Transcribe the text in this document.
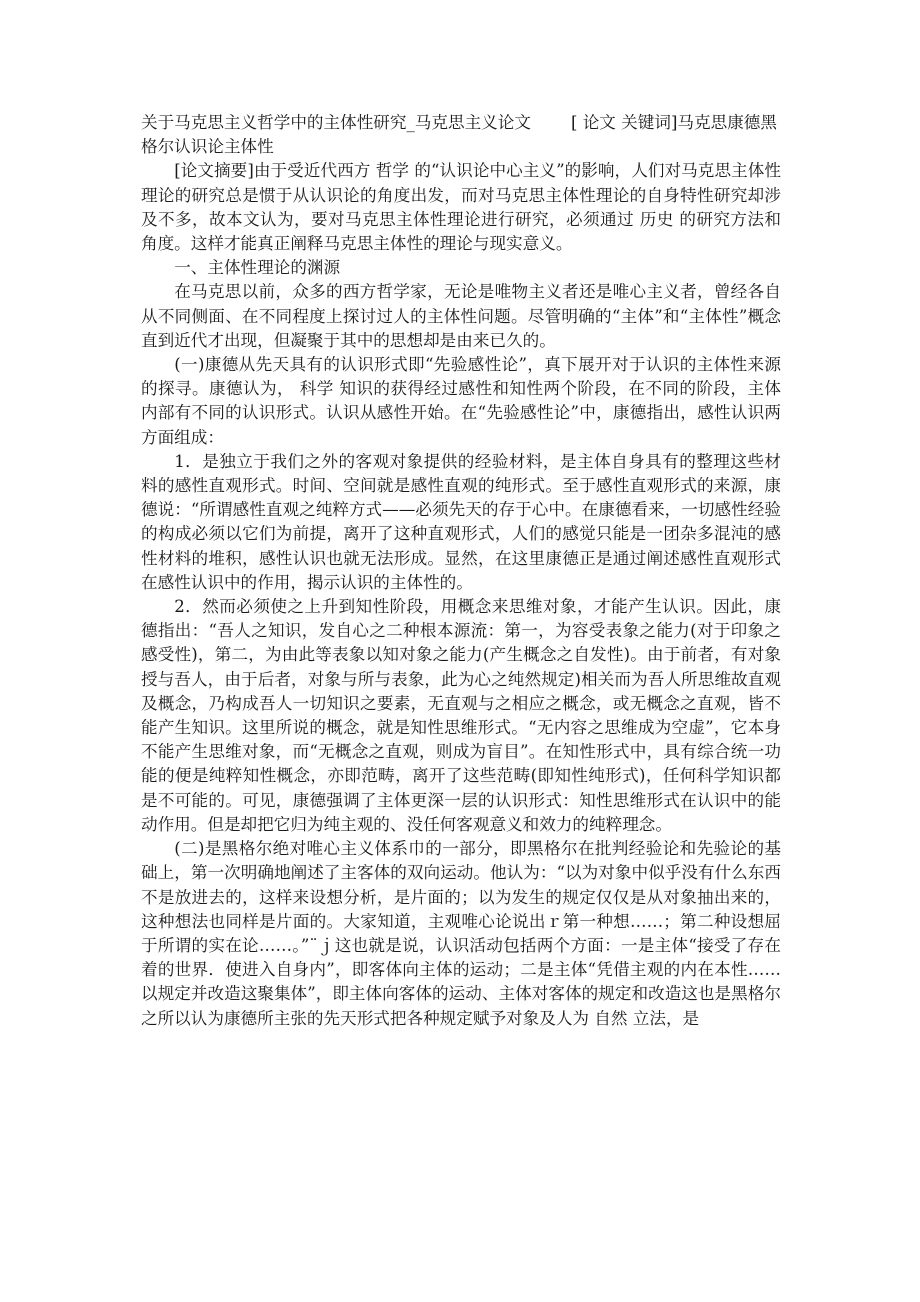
关于马克思主义哲学中的主体性研究_马克思主义论文 [ 论文 关键词]马克思康德黑格尔认识论主体性

[论文摘要]由于受近代西方 哲学 的“认识论中心主义”的影响，人们对马克思主体性理论的研究总是惯于从认识论的角度出发，而对马克思主体性理论的自身特性研究却涉及不多，故本文认为，要对马克思主体性理论进行研究，必须通过 历史 的研究方法和角度。这样才能真正阐释马克思主体性的理论与现实意义。

一、主体性理论的渊源

在马克思以前，众多的西方哲学家，无论是唯物主义者还是唯心主义者，曾经各自从不同侧面、在不同程度上探讨过人的主体性问题。尽管明确的“主体”和“主体性”概念直到近代才出现，但凝聚于其中的思想却是由来已久的。

(一)康德从先天具有的认识形式即“先验感性论”，真下展开对于认识的主体性来源的探寻。康德认为， 科学 知识的获得经过感性和知性两个阶段，在不同的阶段，主体内部有不同的认识形式。认识从感性开始。在“先验感性论”中，康德指出，感性认识两方面组成：

1．是独立于我们之外的客观对象提供的经验材料，是主体自身具有的整理这些材料的感性直观形式。时间、空间就是感性直观的纯形式。至于感性直观形式的来源，康德说：“所谓感性直观之纯粹方式——必须先天的存于心中。在康德看来，一切感性经验的构成必须以它们为前提，离开了这种直观形式，人们的感觉只能是一团杂多混沌的感性材料的堆积，感性认识也就无法形成。显然，在这里康德正是通过阐述感性直观形式在感性认识中的作用，揭示认识的主体性的。

2．然而必须使之上升到知性阶段，用概念来思维对象，才能产生认识。因此，康德指出：“吾人之知识，发自心之二种根本源流：第一，为容受表象之能力(对于印象之感受性)，第二，为由此等表象以知对象之能力(产生概念之自发性)。由于前者，有对象授与吾人，由于后者，对象与所与表象，此为心之纯然规定)相关而为吾人所思维故直观及概念，乃构成吾人一切知识之要素，无直观与之相应之概念，或无概念之直观，皆不能产生知识。这里所说的概念，就是知性思维形式。“无内容之思维成为空虚”，它本身不能产生思维对象，而“无概念之直观，则成为盲目”。在知性形式中，具有综合统一功能的便是纯粹知性概念，亦即范畴，离开了这些范畴(即知性纯形式)，任何科学知识都是不可能的。可见，康德强调了主体更深一层的认识形式：知性思维形式在认识中的能动作用。但是却把它归为纯主观的、没任何客观意义和效力的纯粹理念。

(二)是黑格尔绝对唯心主义体系巾的一部分，即黑格尔在批判经验论和先验论的基础上，第一次明确地阐述了主客体的双向运动。他认为：“以为对象中似乎没有什么东西不是放进去的，这样来设想分析，是片面的；以为发生的规定仅仅是从对象抽出来的，这种想法也同样是片面的。大家知道，主观唯心论说出ｒ第一种想……；第二种设想屈于所谓的实在论……。”¨ｊ这也就是说，认识活动包括两个方面：一是主体“接受了存在着的世界．使进入自身内”，即客体向主体的运动；二是主体“凭借主观的内在本性……以规定并改造这聚集体”，即主体向客体的运动、主体对客体的规定和改造这也是黑格尔之所以认为康德所主张的先天形式把各种规定赋予对象及人为 自然 立法，是
